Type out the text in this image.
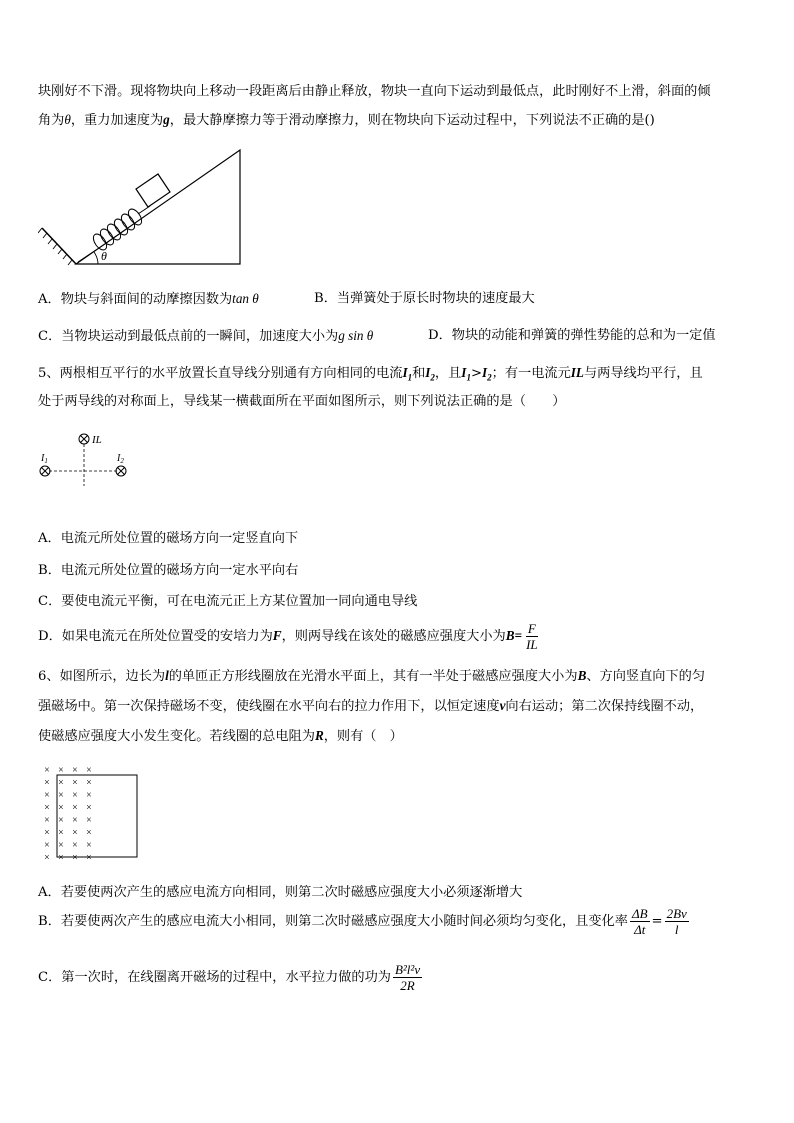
块刚好不下滑。现将物块向上移动一段距离后由静止释放，物块一直向下运动到最低点，此时刚好不上滑，斜面的倾
角为θ，重力加速度为g，最大静摩擦力等于滑动摩擦力，则在物块向下运动过程中，下列说法不正确的是()
θ
A．物块与斜面间的动摩擦因数为tan θ	B．当弹簧处于原长时物块的速度最大
C．当物块运动到最低点前的一瞬间，加速度大小为g sin θ	D．物块的动能和弹簧的弹性势能的总和为一定值
5、两根相互平行的水平放置长直导线分别通有方向相同的电流$I_1$和$I_2$，且$I_1>I_2$；有一电流元IL与两导线均平行，且
处于两导线的对称面上，导线某一横截面所在平面如图所示，则下列说法正确的是（　　）
IL
$I_1$	$I_2$
A．电流元所处位置的磁场方向一定竖直向下
B．电流元所处位置的磁场方向一定水平向右
C．要使电流元平衡，可在电流元正上方某位置加一同向通电导线
D．如果电流元在所处位置受的安培力为F，则两导线在该处的磁感应强度大小为$B= \frac{F}{IL}$
6、如图所示，边长为l的单匝正方形线圈放在光滑水平面上，其有一半处于磁感应强度大小为B、方向竖直向下的匀
强磁场中。第一次保持磁场不变，使线圈在水平向右的拉力作用下，以恒定速度v向右运动；第二次保持线圈不动，
使磁感应强度大小发生变化。若线圈的总电阻为R，则有（　）
× × × ×
× × × ×
× × × ×
× × × ×
× × × ×
× × × ×
× × × ×
× × × ×
A．若要使两次产生的感应电流方向相同，则第二次时磁感应强度大小必须逐渐增大
B．若要使两次产生的感应电流大小相同，则第二次时磁感应强度大小随时间必须均匀变化，且变化率 $\frac{\Delta B}{\Delta t} = \frac{2Bv}{l}$
C．第一次时，在线圈离开磁场的过程中，水平拉力做的功为 $\frac{\text{B²l²v}}{2R}$
